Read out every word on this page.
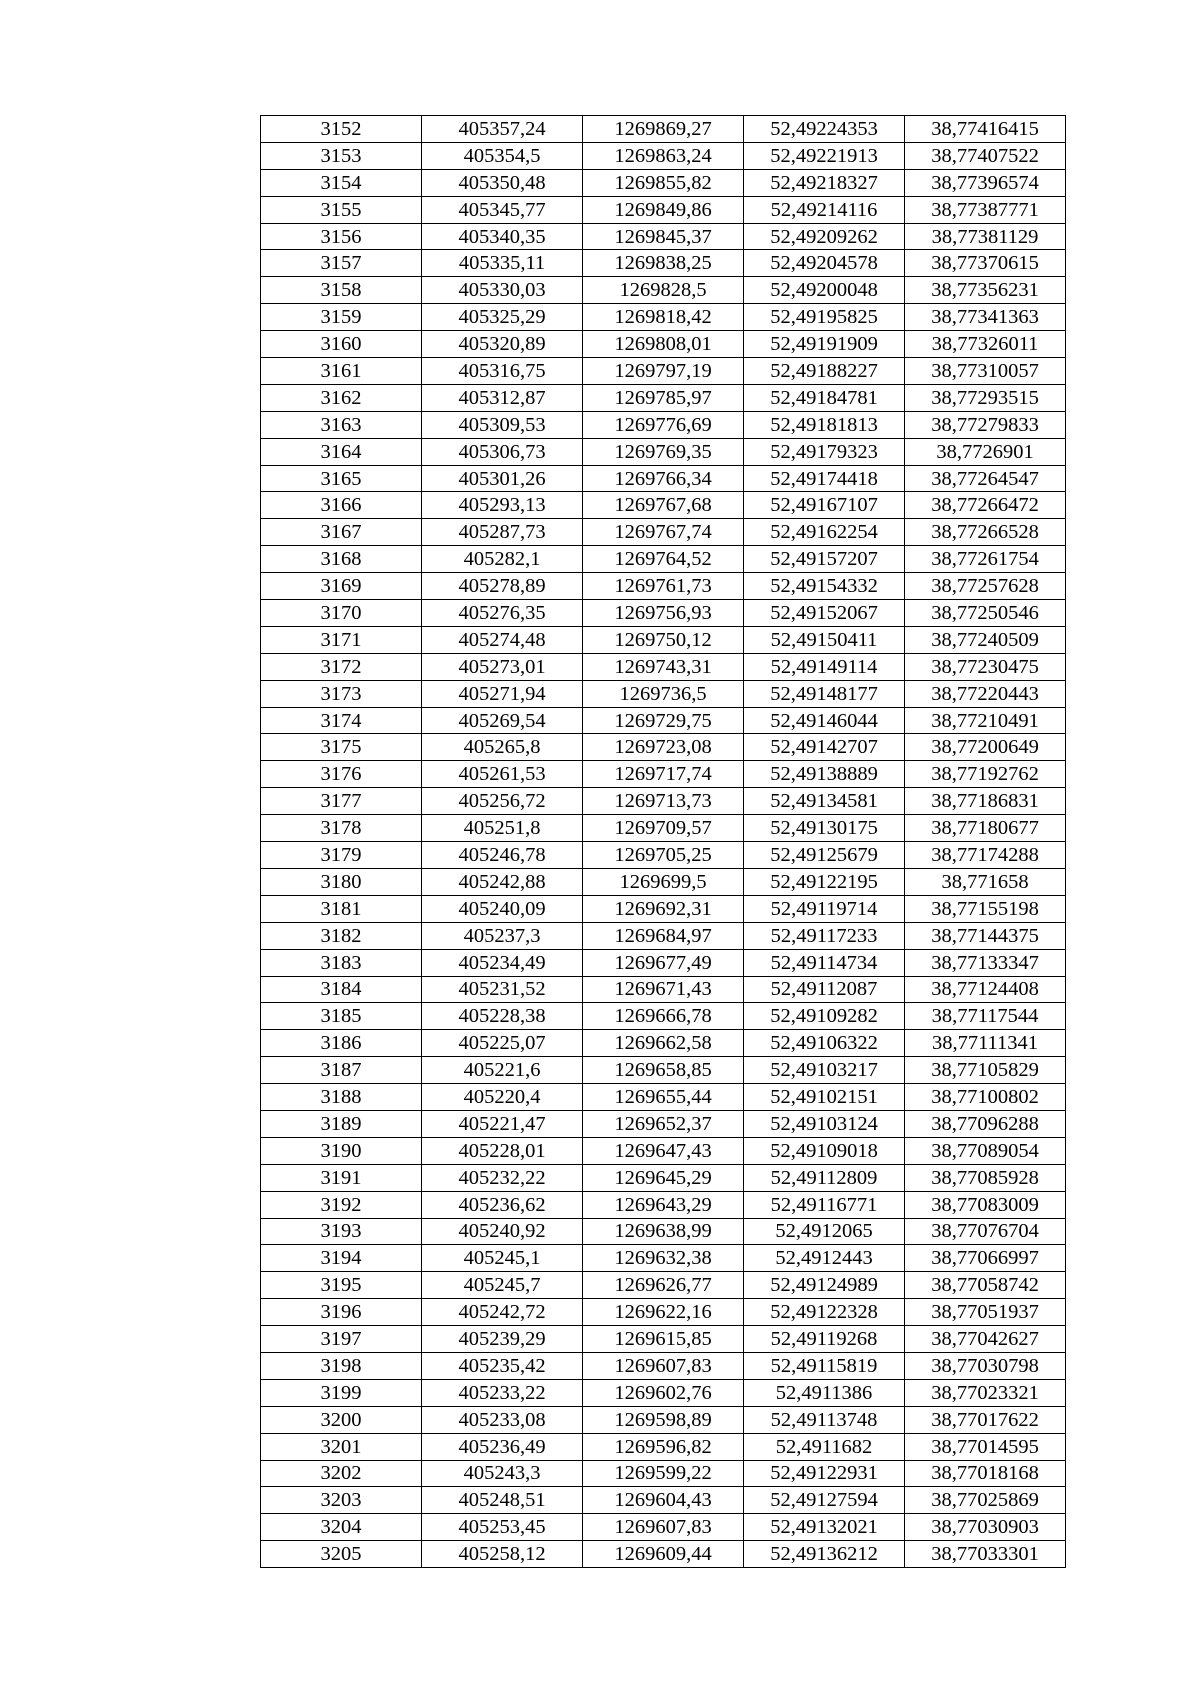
3152	405357,24	1269869,27	52,49224353	38,77416415
3153	405354,5	1269863,24	52,49221913	38,77407522
3154	405350,48	1269855,82	52,49218327	38,77396574
3155	405345,77	1269849,86	52,49214116	38,77387771
3156	405340,35	1269845,37	52,49209262	38,77381129
3157	405335,11	1269838,25	52,49204578	38,77370615
3158	405330,03	1269828,5	52,49200048	38,77356231
3159	405325,29	1269818,42	52,49195825	38,77341363
3160	405320,89	1269808,01	52,49191909	38,77326011
3161	405316,75	1269797,19	52,49188227	38,77310057
3162	405312,87	1269785,97	52,49184781	38,77293515
3163	405309,53	1269776,69	52,49181813	38,77279833
3164	405306,73	1269769,35	52,49179323	38,7726901
3165	405301,26	1269766,34	52,49174418	38,77264547
3166	405293,13	1269767,68	52,49167107	38,77266472
3167	405287,73	1269767,74	52,49162254	38,77266528
3168	405282,1	1269764,52	52,49157207	38,77261754
3169	405278,89	1269761,73	52,49154332	38,77257628
3170	405276,35	1269756,93	52,49152067	38,77250546
3171	405274,48	1269750,12	52,49150411	38,77240509
3172	405273,01	1269743,31	52,49149114	38,77230475
3173	405271,94	1269736,5	52,49148177	38,77220443
3174	405269,54	1269729,75	52,49146044	38,77210491
3175	405265,8	1269723,08	52,49142707	38,77200649
3176	405261,53	1269717,74	52,49138889	38,77192762
3177	405256,72	1269713,73	52,49134581	38,77186831
3178	405251,8	1269709,57	52,49130175	38,77180677
3179	405246,78	1269705,25	52,49125679	38,77174288
3180	405242,88	1269699,5	52,49122195	38,771658
3181	405240,09	1269692,31	52,49119714	38,77155198
3182	405237,3	1269684,97	52,49117233	38,77144375
3183	405234,49	1269677,49	52,49114734	38,77133347
3184	405231,52	1269671,43	52,49112087	38,77124408
3185	405228,38	1269666,78	52,49109282	38,77117544
3186	405225,07	1269662,58	52,49106322	38,77111341
3187	405221,6	1269658,85	52,49103217	38,77105829
3188	405220,4	1269655,44	52,49102151	38,77100802
3189	405221,47	1269652,37	52,49103124	38,77096288
3190	405228,01	1269647,43	52,49109018	38,77089054
3191	405232,22	1269645,29	52,49112809	38,77085928
3192	405236,62	1269643,29	52,49116771	38,77083009
3193	405240,92	1269638,99	52,4912065	38,77076704
3194	405245,1	1269632,38	52,4912443	38,77066997
3195	405245,7	1269626,77	52,49124989	38,77058742
3196	405242,72	1269622,16	52,49122328	38,77051937
3197	405239,29	1269615,85	52,49119268	38,77042627
3198	405235,42	1269607,83	52,49115819	38,77030798
3199	405233,22	1269602,76	52,4911386	38,77023321
3200	405233,08	1269598,89	52,49113748	38,77017622
3201	405236,49	1269596,82	52,4911682	38,77014595
3202	405243,3	1269599,22	52,49122931	38,77018168
3203	405248,51	1269604,43	52,49127594	38,77025869
3204	405253,45	1269607,83	52,49132021	38,77030903
3205	405258,12	1269609,44	52,49136212	38,77033301
